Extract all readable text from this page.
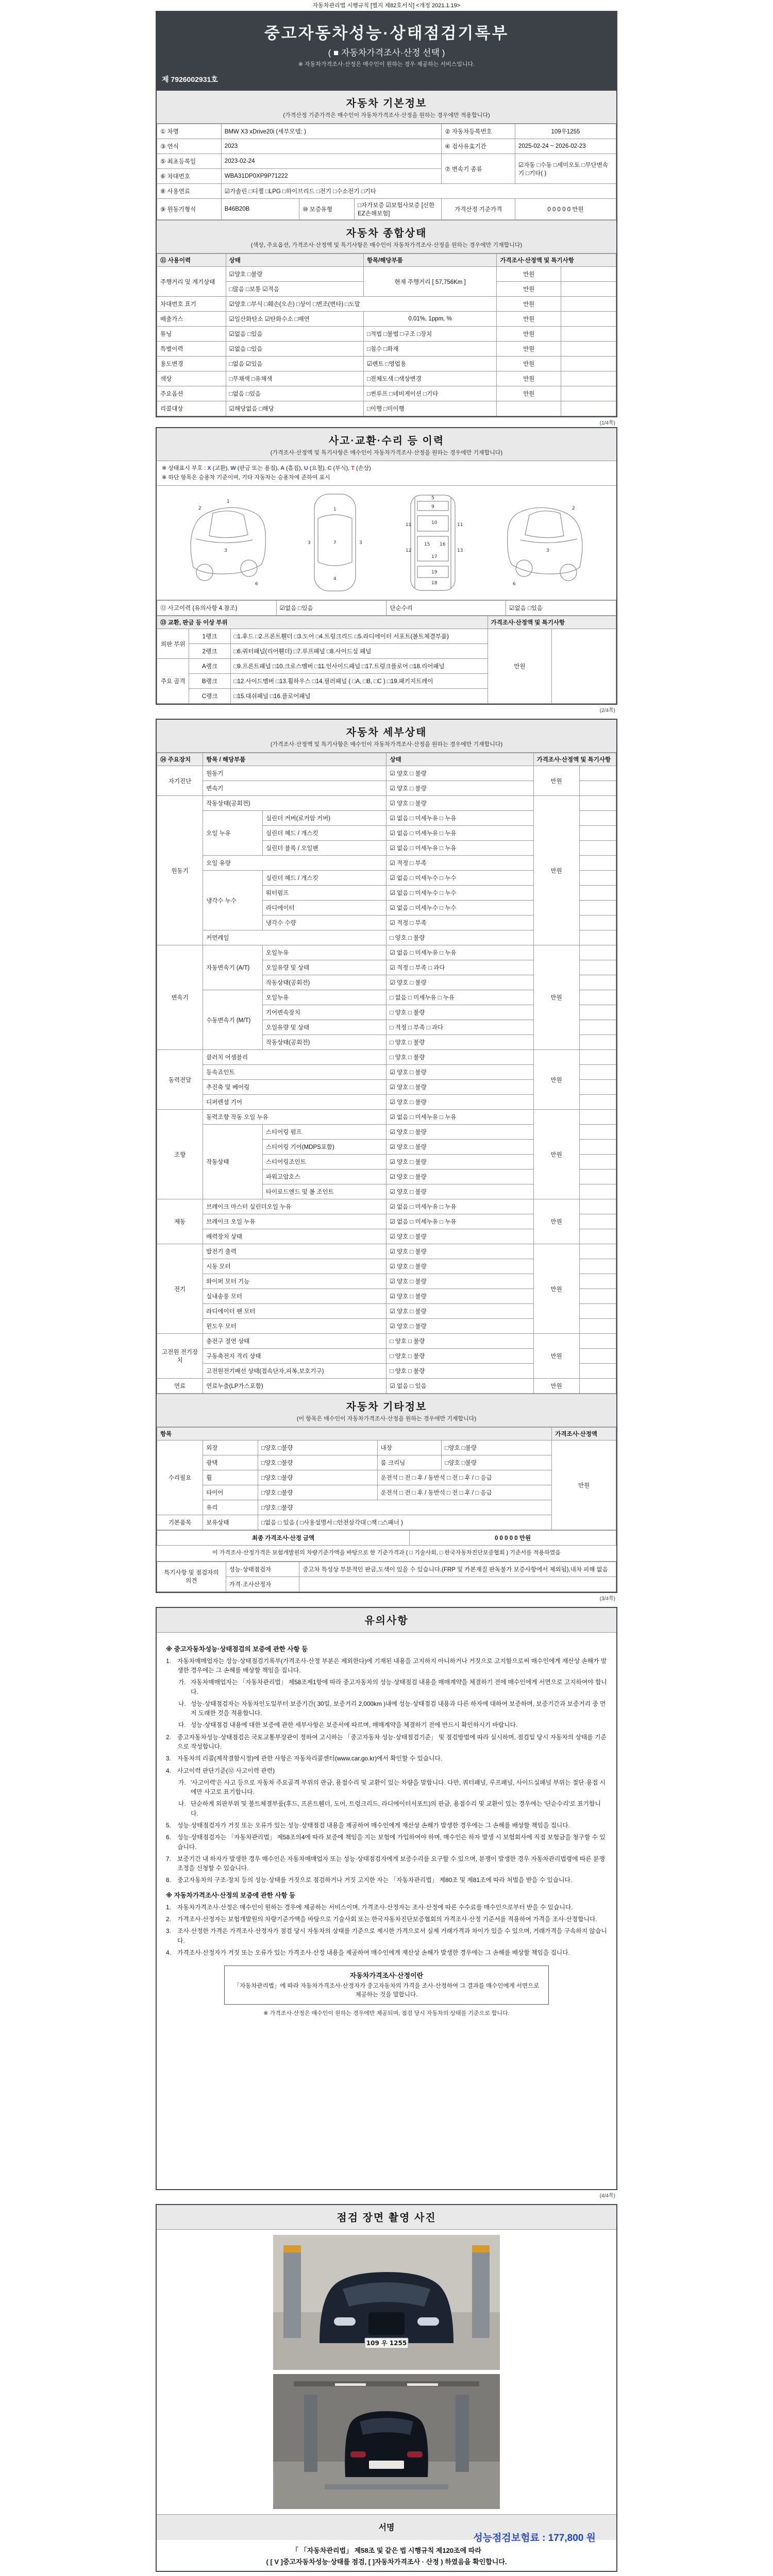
자동차관리법 시행규칙 [별지 제82호서식] <개정 2021.1.19>
중고자동차성능·상태점검기록부
( ■ 자동차가격조사·산정 선택 )
※ 자동차가격조사·산정은 매수인이 원하는 경우 제공하는 서비스입니다.
제 7926002931호
자동차 기본정보
(가격산정 기준가격은 매수인이 자동차가격조사·산정을 원하는 경우에만 적용합니다)
① 차명	BMW X3 xDrive20i (세부모델: )			② 자동차등록번호	109우1255
③ 연식	2023			④ 검사유효기간	2025-02-24 ~ 2026-02-23
⑤ 최초등록일	2023-02-24			⑦ 변속기 종류	☑자동 □수동 □세미오토 □무단변속기 □기타( )
⑥ 차대번호	WBA31DP0XP9P71222				
⑧ 사용연료	☑가솔린 □디젤 □LPG □하이브리드 □전기 □수소전기 □기타				
⑨ 원동기형식	B46B20B	⑩ 보증유형	□자가보증 ☑보험사보증 [신한EZ손해보험]	가격산정 기준가격	0 0 0 0 0 만원
자동차 종합상태
(색상, 주요옵션, 가격조사·산정액 및 특기사항은 매수인이 자동차가격조사·산정을 원하는 경우에만 기재합니다)
⑪ 사용이력	상태	항목/해당부품	가격조사·산정액 및 특기사항	
주행거리 및 계기상태	☑양호 □불량	현재 주행거리 [ 57,756Km ]	만원	
	□많음 □보통 ☑적음		만원	
차대번호 표기	☑양호 □부식 □훼손(오손) □상이 □변조(변타) □도말		만원	
배출가스	☑일산화탄소 ☑탄화수소 □매연	0.01%, 1ppm, %	만원	
튜닝	☑없음 □있음	□적법 □불법 □구조 □장치	만원	
특별이력	☑없음 □있음	□침수 □화재	만원	
용도변경	□없음 ☑있음	☑렌트 □영업용	만원	
색상	□무채색 □유채색	□전체도색 □색상변경	만원	
주요옵션	□없음 □있음	□썬루프 □네비게이션 □기타	만원	
리콜대상	☑해당없음 □해당	□이행 □미이행		
(1/4쪽)
사고·교환·수리 등 이력
(가격조사·산정액 및 특기사항은 매수인이 자동차가격조사·산정을 원하는 경우에만 기재합니다)
※ 상태표시 부호 : X (교환), W (판금 또는 용접), A (흠집), U (요철), C (부식), T (손상)
※ 하단 항목은 승용차 기준이며, 기타 자동차는 승용차에 준하여 표시
2
1
3
6
1
7
4
3	3
5
9
10
11	11
12	13
15 16
17
18
19
2
3
6
⑫ 사고이력 (유의사항 4.참조)	☑없음 □있음	단순수리	☑없음 □있음
⑬ 교환, 판금 등 이상 부위			가격조사·산정액 및 특기사항	
외판 부위	1랭크	□1.후드 □2.프론트휀더 □3.도어 □4.트렁크리드 □5.라디에이터 서포트(볼트체결부품)	만원	
	2랭크	□6.쿼터패널(리어휀더) □7.루프패널 □8.사이드실 패널		
주요 골격	A랭크	□9.프론트패널 □10.크로스멤버 □11.인사이드패널 □17.트렁크플로어 □18.리어패널		
	B랭크	□12.사이드멤버 □13.휠하우스 □14.필러패널 ( □A, □B, □C ) □19.패키지트레이		
	C랭크	□15.대쉬패널 □16.플로어패널		
(2/4쪽)
자동차 세부상태
(가격조사·산정액 및 특기사항은 매수인이 자동차가격조사·산정을 원하는 경우에만 기재합니다)
⑭ 주요장치	항목 / 해당부품		상태	가격조사·산정액 및 특기사항	
자기진단	원동기		☑ 양호 □ 불량	만원	
	변속기		☑ 양호 □ 불량		
원동기	작동상태(공회전)		☑ 양호 □ 불량	만원	
	오일 누유	실린더 커버(로커암 커버)	☑ 없음 □ 미세누유 □ 누유		
		실린더 헤드 / 개스킷	☑ 없음 □ 미세누유 □ 누유		
		실린더 블록 / 오일팬	☑ 없음 □ 미세누유 □ 누유		
	오일 유량		☑ 적정 □ 부족		
	냉각수 누수	실린더 헤드 / 개스킷	☑ 없음 □ 미세누수 □ 누수		
		워터펌프	☑ 없음 □ 미세누수 □ 누수		
		라디에이터	☑ 없음 □ 미세누수 □ 누수		
		냉각수 수량	☑ 적정 □ 부족		
	커먼레일		□ 양호 □ 불량		
변속기	자동변속기 (A/T)	오일누유	☑ 없음 □ 미세누유 □ 누유	만원	
		오일유량 및 상태	☑ 적정 □ 부족 □ 과다		
		작동상태(공회전)	☑ 양호 □ 불량		
	수동변속기 (M/T)	오일누유	□ 없음 □ 미세누유 □ 누유		
		기어변속장치	□ 양호 □ 불량		
		오일유량 및 상태	□ 적정 □ 부족 □ 과다		
		작동상태(공회전)	□ 양호 □ 불량		
동력전달	클러치 어셈블리		□ 양호 □ 불량	만원	
	등속죠인트		☑ 양호 □ 불량		
	추진축 및 베어링		☑ 양호 □ 불량		
	디퍼렌셜 기어		☑ 양호 □ 불량		
조향	동력조향 작동 오일 누유		☑ 없음 □ 미세누유 □ 누유	만원	
	작동상태	스티어링 펌프	☑ 양호 □ 불량		
		스티어링 기어(MDPS포함)	☑ 양호 □ 불량		
		스티어링조인트	☑ 양호 □ 불량		
		파워고압호스	☑ 양호 □ 불량		
		타이로드엔드 및 볼 조인트	☑ 양호 □ 불량		
제동	브레이크 마스터 실린더오일 누유		☑ 없음 □ 미세누유 □ 누유	만원	
	브레이크 오일 누유		☑ 없음 □ 미세누유 □ 누유		
	배력장치 상태		☑ 양호 □ 불량		
전기	발전기 출력		☑ 양호 □ 불량	만원	
	시동 모터		☑ 양호 □ 불량		
	와이퍼 모터 기능		☑ 양호 □ 불량		
	실내송풍 모터		☑ 양호 □ 불량		
	라디에이터 팬 모터		☑ 양호 □ 불량		
	윈도우 모터		☑ 양호 □ 불량		
고전원 전기장치	충전구 절연 상태		□ 양호 □ 불량	만원	
	구동축전지 격리 상태		□ 양호 □ 불량		
	고전원전기배선 상태(접속단자,피복,보호기구)		□ 양호 □ 불량		
연료	연료누출(LP가스포함)		☑ 없음 □ 있음	만원	
자동차 기타정보
(이 항목은 매수인이 자동차가격조사·산정을 원하는 경우에만 기재합니다)
항목					가격조사·산정액
수리필요	외장	□양호 □불량	내장	□양호 □불량	만원
	광택	□양호 □불량	룸 크리닝	□양호 □불량	
	휠	□양호 □불량	운전석 □ 전 □ 후 / 동반석 □ 전 □ 후 / □ 응급		
	타이어	□양호 □불량	운전석 □ 전 □ 후 / 동반석 □ 전 □ 후 / □ 응급		
	유리	□양호 □불량			
기본품목	보유상태	□없음 □ 있음 ( □사용설명서 □안전삼각대 □잭 □스패너 )			
최종 가격조사·산정 금액	0 0 0 0 0 만원
이 가격조사·산정가격은 보험개발원의 차량기준가액을 바탕으로 한 기준가격과 ( □ 기술사회, □ 한국자동차진단보증협회 ) 기준서를 적용하였음
특기사항 및 점검자의 의견	성능·상태점검자	중고차 특성상 부분적인 판금,도색이 있을 수 있습니다.(FRP 및 카본재질 판독불가 보증사항에서 제외됨),내차 피해 없음
	가격·조사산정자	
(3/4쪽)
유의사항
※ 중고자동차성능·상태점검의 보증에 관한 사항 등
1.	자동차매매업자는 성능·상태점검기록부(가격조사·산정 부분은 제외한다)에 기재된 내용을 고지하지 아니하거나 거짓으로 고지함으로써 매수인에게 재산상 손해가 발생한 경우에는 그 손해를 배상할 책임을 집니다.
가. 자동차매매업자는 「자동차관리법」 제58조제1항에 따라 중고자동차의 성능·상태점검 내용을 매매계약을 체결하기 전에 매수인에게 서면으로 고지하여야 합니다.
나. 성능·상태점검자는 자동차인도일부터 보증기간( 30일, 보증거리 2,000km )내에 성능·상태점검 내용과 다른 하자에 대하여 보증하며, 보증기간과 보증거리 중 먼저 도래한 것을 적용합니다.
다. 성능·상태점검 내용에 대한 보증에 관한 세부사항은 보증서에 따르며, 매매계약을 체결하기 전에 반드시 확인하시기 바랍니다.
2.	중고자동차성능·상태점검은 국토교통부장관이 정하여 고시하는 「중고자동차 성능·상태점검기준」 및 점검방법에 따라 실시하며, 점검일 당시 자동차의 상태를 기준으로 작성합니다.
3.	자동차의 리콜(제작결함시정)에 관한 사항은 자동차리콜센터(www.car.go.kr)에서 확인할 수 있습니다.
4.	사고이력 판단기준(⑫ 사고이력 관련)
가. '사고이력'은 사고 등으로 자동차 주요골격 부위의 판금, 용접수리 및 교환이 있는 차량을 말합니다. 다만, 쿼터패널, 루프패널, 사이드실패널 부위는 절단·용접 시에만 사고로 표기합니다.
나. 단순하게 외판부위 및 볼트체결부품(후드, 프론트휀더, 도어, 트렁크리드, 라디에이터서포트)의 판금, 용접수리 및 교환이 있는 경우에는 '단순수리'로 표기합니다.
5.	성능·상태점검자가 거짓 또는 오류가 있는 성능·상태점검 내용을 제공하여 매수인에게 재산상 손해가 발생한 경우에는 그 손해를 배상할 책임을 집니다.
6.	성능·상태점검자는 「자동차관리법」 제58조의4에 따라 보증에 책임을 지는 보험에 가입하여야 하며, 매수인은 하자 발생 시 보험회사에 직접 보험금을 청구할 수 있습니다.
7.	보증기간 내 하자가 발생한 경우 매수인은 자동차매매업자 또는 성능·상태점검자에게 보증수리를 요구할 수 있으며, 분쟁이 발생한 경우 자동차관리법령에 따른 분쟁조정을 신청할 수 있습니다.
8.	중고자동차의 구조·장치 등의 성능·상태를 거짓으로 점검하거나 거짓 고지한 자는 「자동차관리법」 제80조 및 제81조에 따라 처벌을 받을 수 있습니다.
※ 자동차가격조사·산정의 보증에 관한 사항 등
1.	자동차가격조사·산정은 매수인이 원하는 경우에 제공하는 서비스이며, 가격조사·산정자는 조사·산정에 따른 수수료를 매수인으로부터 받을 수 있습니다.
2.	가격조사·산정자는 보험개발원의 차량기준가액을 바탕으로 기술사회 또는 한국자동차진단보증협회의 가격조사·산정 기준서를 적용하여 가격을 조사·산정합니다.
3.	조사·산정한 가격은 가격조사·산정자가 점검 당시 자동차의 상태를 기준으로 제시한 가격으로서 실제 거래가격과 차이가 있을 수 있으며, 거래가격을 구속하지 않습니다.
4.	가격조사·산정자가 거짓 또는 오류가 있는 가격조사·산정 내용을 제공하여 매수인에게 재산상 손해가 발생한 경우에는 그 손해를 배상할 책임을 집니다.
자동차가격조사·산정이란
「자동차관리법」에 따라 자동차가격조사·산정자가 중고자동차의 가격을 조사·산정하여 그 결과를 매수인에게 서면으로 제공하는 것을 말합니다.
※ 가격조사·산정은 매수인이 원하는 경우에만 제공되며, 점검 당시 자동차의 상태를 기준으로 합니다.
(4/4쪽)
점검 장면 촬영 사진
109 우 1255
서명
성능점검보험료 : 177,800 원
「 「자동차관리법」 제58조 및 같은 법 시행규칙 제120조에 따라
( [ V ]중고자동차성능·상태를 점검, [ ]자동차가격조사 · 산정 ) 하였음을 확인합니다.
